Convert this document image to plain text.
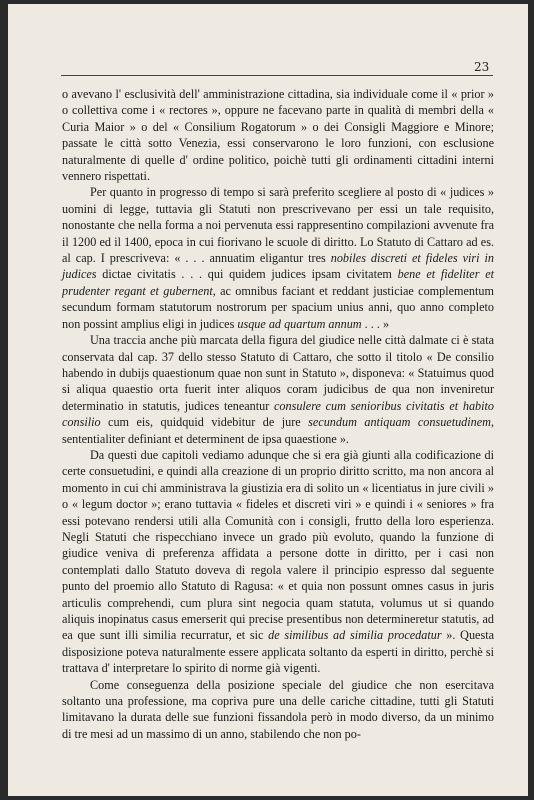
23

o avevano l' esclusività dell' amministrazione cittadina, sia individuale come il « prior » o collettiva come i « rectores », oppure ne facevano parte in qualità di membri della « Curia Maior » o del « Consilium Rogatorum » o dei Consigli Maggiore e Minore; passate le città sotto Venezia, essi conservarono le loro funzioni, con esclusione naturalmente di quelle d' ordine politico, poichè tutti gli ordinamenti cittadini interni vennero rispettati.

Per quanto in progresso di tempo si sarà preferito scegliere al posto di « judices » uomini di legge, tuttavia gli Statuti non prescrivevano per essi un tale requisito, nonostante che nella forma a noi pervenuta essi rappresentino compilazioni avvenute fra il 1200 ed il 1400, epoca in cui fiorivano le scuole di diritto. Lo Statuto di Cattaro ad es. al cap. I prescriveva: « . . . annuatim eligantur tres nobiles discreti et fideles viri in judices dictae civitatis . . . qui quidem judices ipsam civitatem bene et fideliter et prudenter regant et gubernent, ac omnibus faciant et reddant justiciae complementum secundum formam statutorum nostrorum per spacium unius anni, quo anno completo non possint amplius eligi in judices usque ad quartum annum . . . »

Una traccia anche più marcata della figura del giudice nelle città dalmate ci è stata conservata dal cap. 37 dello stesso Statuto di Cattaro, che sotto il titolo « De consilio habendo in dubijs quaestionum quae non sunt in Statuto », disponeva: « Statuimus quod si aliqua quaestio orta fuerit inter aliquos coram judicibus de qua non inveniretur determinatio in statutis, judices teneantur consulere cum senioribus civitatis et habito consilio cum eis, quidquid videbitur de jure secundum antiquam consuetudinem, sententialiter definiant et determinent de ipsa quaestione ».

Da questi due capitoli vediamo adunque che si era già giunti alla codificazione di certe consuetudini, e quindi alla creazione di un proprio diritto scritto, ma non ancora al momento in cui chi amministrava la giustizia era di solito un « licentiatus in jure civili » o « legum doctor »; erano tuttavia « fideles et discreti viri » e quindi i « seniores » fra essi potevano rendersi utili alla Comunità con i consigli, frutto della loro esperienza. Negli Statuti che rispecchiano invece un grado più evoluto, quando la funzione di giudice veniva di preferenza affidata a persone dotte in diritto, per i casi non contemplati dallo Statuto doveva di regola valere il principio espresso dal seguente punto del proemio allo Statuto di Ragusa: « et quia non possunt omnes casus in juris articulis comprehendi, cum plura sint negocia quam statuta, volumus ut si quando aliquis inopinatus casus emerserit qui precise presentibus non determineretur statutis, ad ea que sunt illi similia recurratur, et sic de similibus ad similia procedatur ». Questa disposizione poteva naturalmente essere applicata soltanto da esperti in diritto, perchè si trattava d' interpretare lo spirito di norme già vigenti.

Come conseguenza della posizione speciale del giudice che non esercitava soltanto una professione, ma copriva pure una delle cariche cittadine, tutti gli Statuti limitavano la durata delle sue funzioni fissandola però in modo diverso, da un minimo di tre mesi ad un massimo di un anno, stabilendo che non po-
